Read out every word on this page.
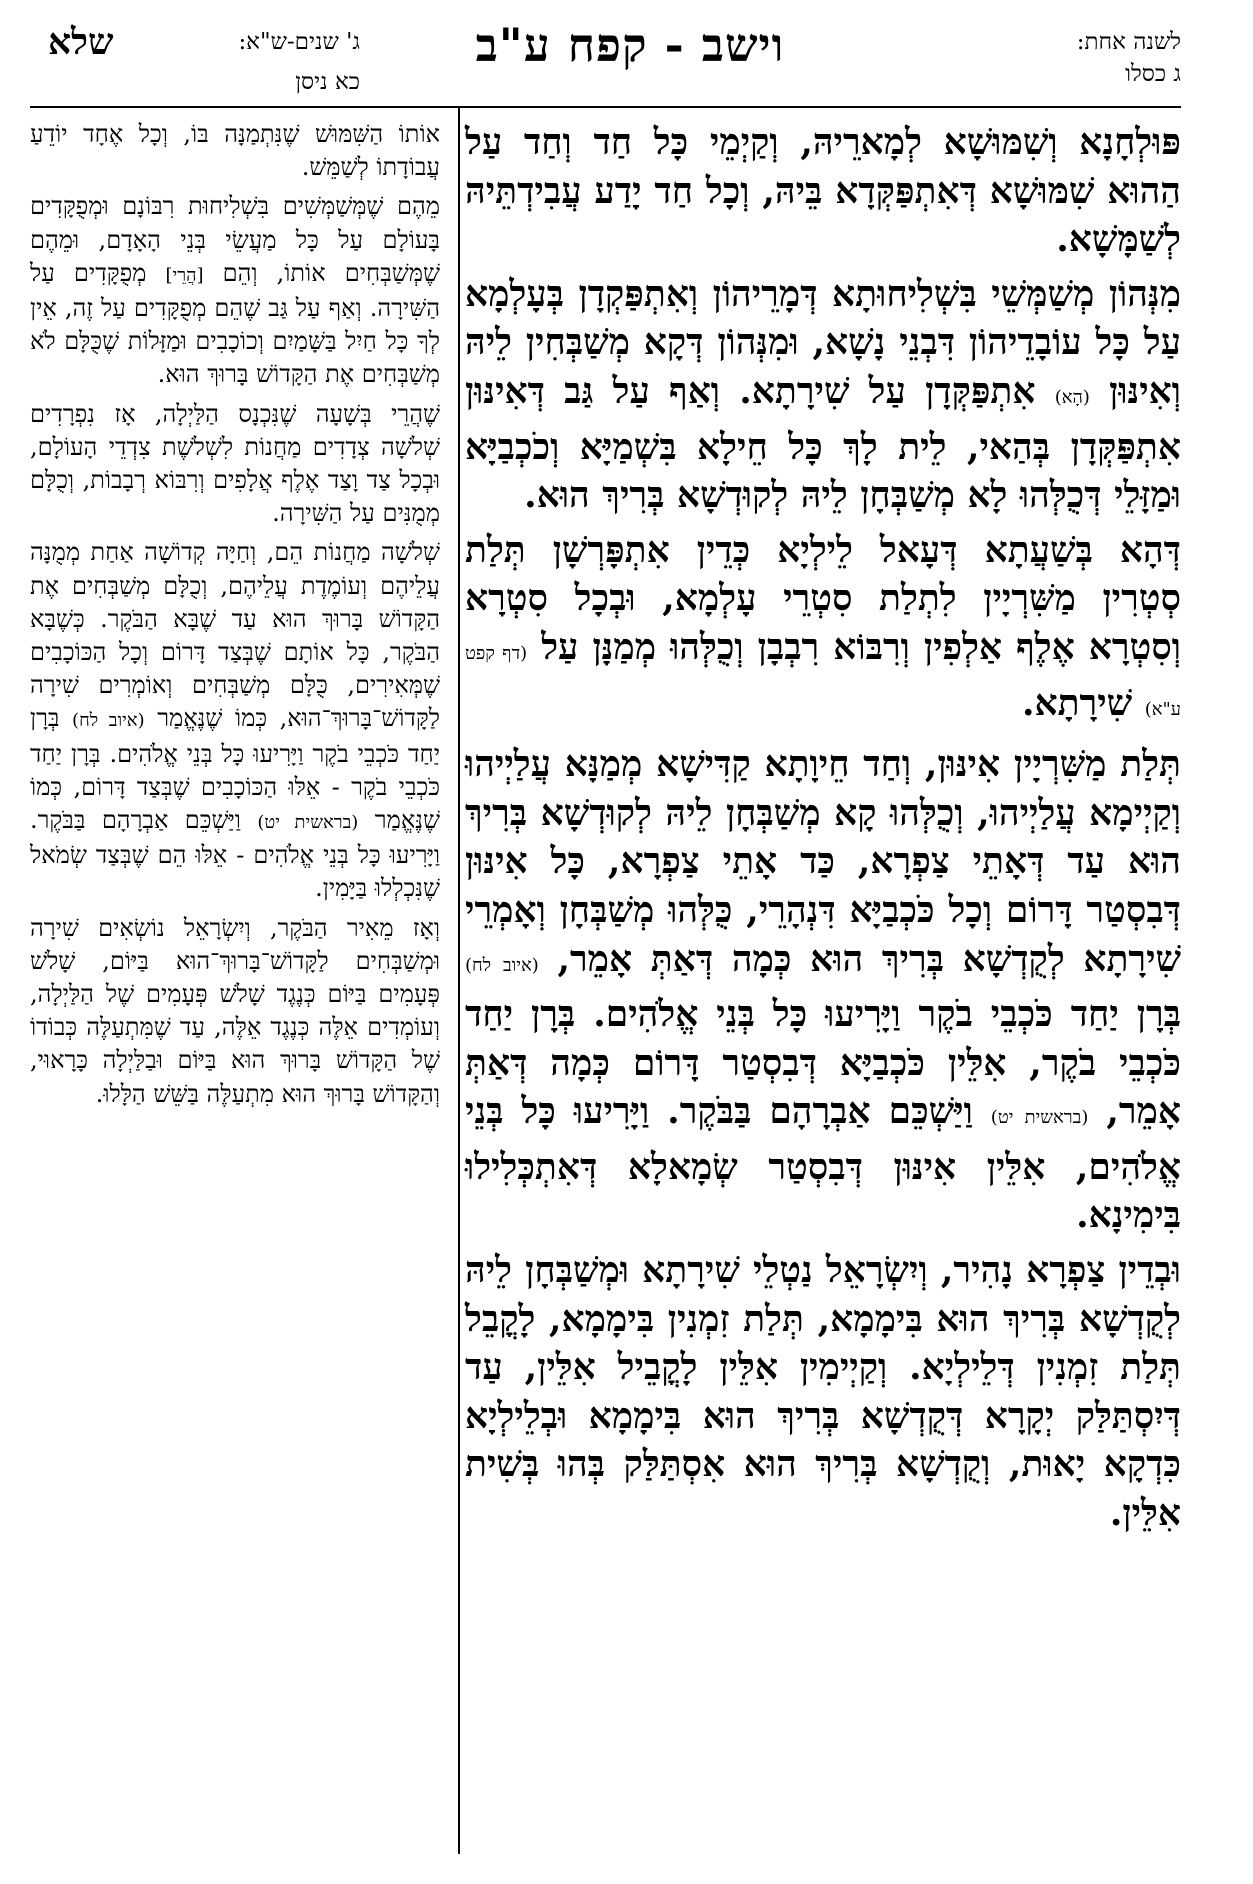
לשנה אחת:
ג כסלו
וישב - קפח ע"ב
ג' שנים-ש"א:
כא ניסן
שלא

פּוּלְחָנָא וְשִׁמּוּשָׁא לְמָארֵיהּ, וְקַיְמֵי כָּל חַד וְחַד עַל הַהוּא שִׁמּוּשָׁא דְּאִתְפַּקְּדָא בֵּיהּ, וְכָל חַד יָדַע עֲבִידְתֵּיהּ לְשַׁמָּשָׁא.

מִנְּהוֹן מְשַׁמְּשֵׁי בִּשְׁלִיחוּתָא דְּמָרֵיהוֹן וְאִתְפַּקְדָן בְּעָלְמָא עַל כָּל עוֹבָדֵיהוֹן דִּבְנֵי נָשָׁא, וּמִנְּהוֹן דְּקָא מְשַׁבְּחִין לֵיהּ וְאִינּוּן (הָא) אִתְפַּקְּדָן עַל שִׁירָתָא. וְאַף עַל גַּב דְּאִינּוּן אִתְפַּקְּדָן בְּהַאי, לֵית לָךְ כָּל חֵילָא בִּשְׁמַיָּא וְכֹכְבַיָּא וּמַזָּלֵי דְּכֻלְּהוּ לָא מְשַׁבְּחָן לֵיהּ לְקוּדְשָׁא בְּרִיךְ הוּא.

דְּהָא בְּשַׁעֲתָא דְּעָאל לֵילְיָא כְּדֵין אִתְפָּרְשָׁן תְּלַת סְטְרִין מַשִּׁרְיָין לִתְלַת סִטְרֵי עָלְמָא, וּבְכָל סִטְרָא וְסִטְרָא אֶלֶף אַלְפִין וְרִבּוֹא רִבְבָן וְכֻלְּהוּ מְמַנָּן עַל (דף קפט ע"א) שִׁירָתָא.

תְּלַת מַשִּׁרְיָין אִינּוּן, וְחַד חֵיוָתָא קַדִּישָׁא מְמַנָּא עֲלַיְיהוּ וְקַיְימָא עֲלַיְיהוּ, וְכֻלְּהוּ קָא מְשַׁבְּחָן לֵיהּ לְקוּדְשָׁא בְּרִיךְ הוּא עַד דְּאָתֵי צַפְרָא, כַּד אָתֵי צַפְרָא, כָּל אִינּוּן דְּבִסְטַר דָּרוֹם וְכָל כֹּכְבַיָּא דִּנְהָרֵי, כֻּלְּהוּ מְשַׁבְּחָן וְאָמְרֵי שִׁירָתָא לְקֻדְשָׁא בְּרִיךְ הוּא כְּמָה דְּאַתְּ אָמֵר, (איוב לח) בְּרָן יַחַד כֹּכְבֵי בֹקֶר וַיָּרִיעוּ כָּל בְּנֵי אֱלֹהִים. בְּרָן יַחַד כֹּכְבֵי בֹקֶר, אִלֵּין כֹּכְבַיָּא דְּבִסְטַר דָּרוֹם כְּמָה דְּאַתְּ אָמֵר, (בראשית יט) וַיַּשְׁכֵּם אַבְרָהָם בַּבֹּקֶר. וַיָּרִיעוּ כָּל בְּנֵי אֱלֹהִים, אִלֵּין אִינּוּן דְּבִסְטַר שְׂמָאלָא דְּאִתְכְּלִילוּ בִּימִינָא.

וּבְדֵין צַפְרָא נָהִיר, וְיִשְׂרָאֵל נַטְלֵי שִׁירָתָא וּמְשַׁבְּחָן לֵיהּ לְקֻדְשָׁא בְּרִיךְ הוּא בִּימָמָא, תְּלַת זִמְנִין בִּימָמָא, לָקֳבֵל תְּלַת זִמְנִין דְּלֵילְיָא. וְקַיְימִין אִלֵּין לָקֳבֵיל אִלֵּין, עַד דְּיִסְתַּלַּק יְקָרָא דְּקֻדְשָׁא בְּרִיךְ הוּא בִּימָמָא וּבְלֵילְיָא כִּדְקָא יָאוּת, וְקֻדְשָׁא בְּרִיךְ הוּא אִסְתַּלַּק בְּהוּ בְּשִׁית אִלֵּין.

אוֹתוֹ הַשִּׁמּוּשׁ שֶׁנִּתְמַנָּה בּוֹ, וְכָל אֶחָד יוֹדֵעַ עֲבוֹדָתוֹ לְשַׁמֵּשׁ.

מֵהֶם שֶׁמְּשַׁמְּשִׁים בִּשְׁלִיחוּת רִבּוֹנָם וּמְפֻקָּדִים בָּעוֹלָם עַל כָּל מַעֲשֵׂי בְּנֵי הָאָדָם, וּמֵהֶם שֶׁמְּשַׁבְּחִים אוֹתוֹ, וְהֵם [הֲרֵי] מְפֻקָּדִים עַל הַשִּׁירָה. וְאַף עַל גַּב שֶׁהֵם מְפֻקָּדִים עַל זֶה, אֵין לְךָ כָּל חַיִל בַּשָּׁמַיִם וְכוֹכָבִים וּמַזָּלוֹת שֶׁכֻּלָּם לֹא מְשַׁבְּחִים אֶת הַקָּדוֹשׁ בָּרוּךְ הוּא.

שֶׁהֲרֵי בְּשָׁעָה שֶׁנִּכְנָס הַלַּיְלָה, אָז נִפְרָדִים שְׁלֹשָׁה צְדָדִים מַחֲנוֹת לִשְׁלֹשֶׁת צִדְדֵי הָעוֹלָם, וּבְכָל צַד וָצַד אֶלֶף אֲלָפִים וְרִבּוֹא רְבָבוֹת, וְכֻלָּם מְמֻנִּים עַל הַשִּׁירָה.

שְׁלֹשָׁה מַחֲנוֹת הֵם, וְחַיָּה קְדוֹשָׁה אַחַת מְמֻנָּה עֲלֵיהֶם וְעוֹמֶדֶת עֲלֵיהֶם, וְכֻלָּם מְשַׁבְּחִים אֶת הַקָּדוֹשׁ בָּרוּךְ הוּא עַד שֶׁבָּא הַבֹּקֶר. כְּשֶׁבָּא הַבֹּקֶר, כָּל אוֹתָם שֶׁבְּצַד דָּרוֹם וְכָל הַכּוֹכָבִים שֶׁמְּאִירִים, כֻּלָּם מְשַׁבְּחִים וְאוֹמְרִים שִׁירָה לַקָּדוֹשׁ־בָּרוּךְ־הוּא, כְּמוֹ שֶׁנֶּאֱמַר (איוב לח) בְּרָן יַחַד כֹּכְבֵי בֹקֶר וַיָּרִיעוּ כָּל בְּנֵי אֱלֹהִים. בְּרָן יַחַד כֹּכְבֵי בֹקֶר - אֵלּוּ הַכּוֹכָבִים שֶׁבְּצַד דָּרוֹם, כְּמוֹ שֶׁנֶּאֱמַר (בראשית יט) וַיַּשְׁכֵּם אַבְרָהָם בַּבֹּקֶר. וַיָּרִיעוּ כָּל בְּנֵי אֱלֹהִים - אֵלּוּ הֵם שֶׁבְּצַד שְׂמֹאל שֶׁנִּכְלְלוּ בַּיָּמִין.

וְאָז מֵאִיר הַבֹּקֶר, וְיִשְׂרָאֵל נוֹשְׂאִים שִׁירָה וּמְשַׁבְּחִים לַקָּדוֹשׁ־בָּרוּךְ־הוּא בַּיּוֹם, שָׁלֹשׁ פְּעָמִים בַּיּוֹם כְּנֶגֶד שָׁלֹשׁ פְּעָמִים שֶׁל הַלַּיְלָה, וְעוֹמְדִים אֵלֶּה כְּנֶגֶד אֵלֶּה, עַד שֶׁמִּתְעַלֶּה כְּבוֹדוֹ שֶׁל הַקָּדוֹשׁ בָּרוּךְ הוּא בַּיּוֹם וּבַלַּיְלָה כָּרָאוּי, וְהַקָּדוֹשׁ בָּרוּךְ הוּא מִתְעַלֶּה בַּשֵּׁשׁ הַלָּלוּ.
